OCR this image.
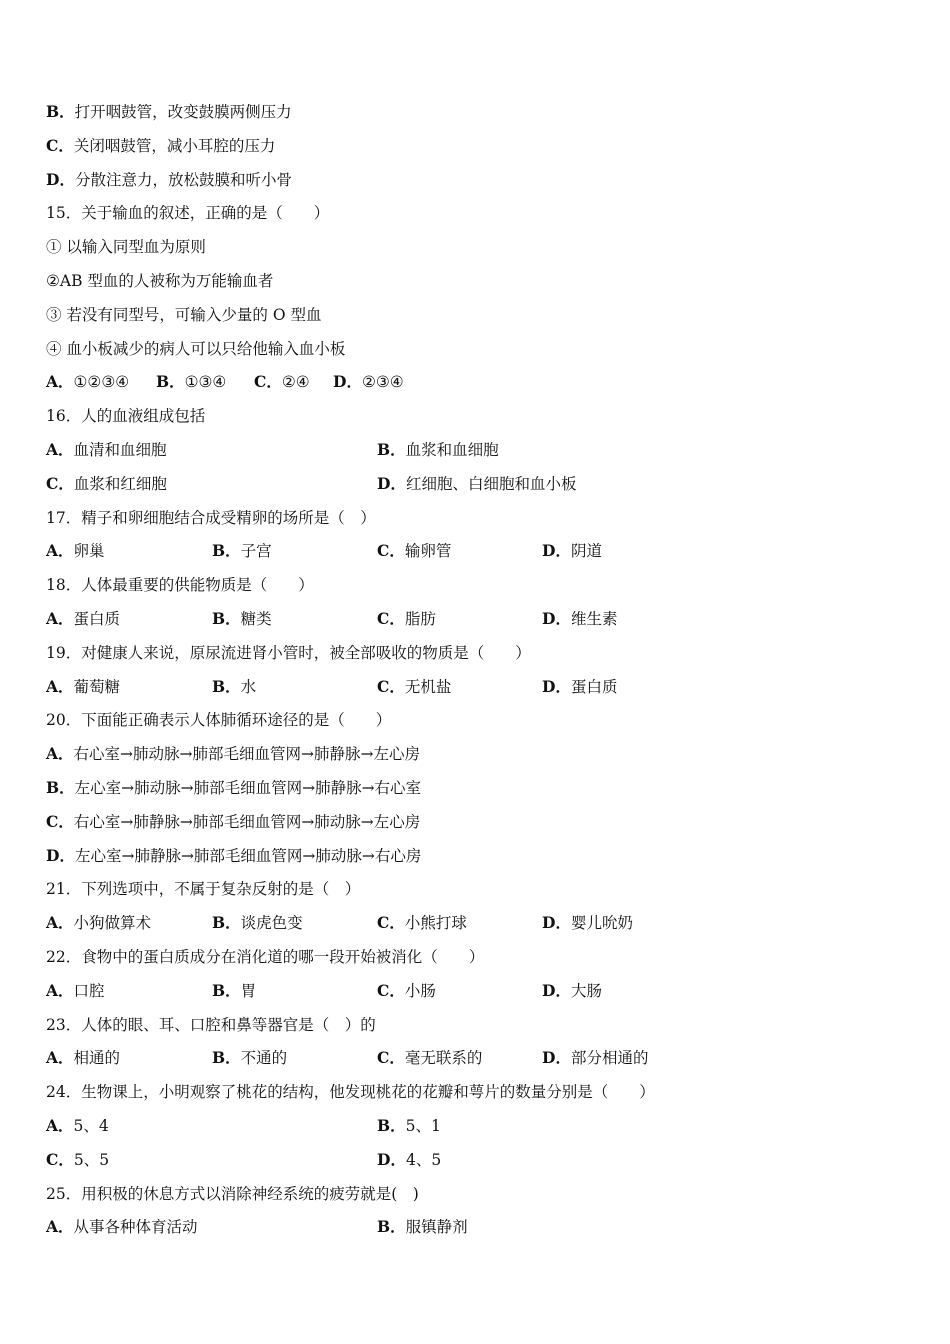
B．打开咽鼓管，改变鼓膜两侧压力
C．关闭咽鼓管，减小耳腔的压力
D．分散注意力，放松鼓膜和听小骨
15．关于输血的叙述，正确的是（　　）
① 以输入同型血为原则
②AB 型血的人被称为万能输血者
③ 若没有同型号，可输入少量的 O 型血
④ 血小板减少的病人可以只给他输入血小板
A．①②③④ B．①③④ C．②④ D．②③④
16．人的血液组成包括
A．血清和血细胞	B．血浆和血细胞
C．血浆和红细胞	D．红细胞、白细胞和血小板
17．精子和卵细胞结合成受精卵的场所是（　）
A．卵巢	B．子宫	C．输卵管	D．阴道
18．人体最重要的供能物质是（　　）
A．蛋白质	B．糖类	C．脂肪	D．维生素
19．对健康人来说，原尿流进肾小管时，被全部吸收的物质是（　　）
A．葡萄糖	B．水	C．无机盐	D．蛋白质
20．下面能正确表示人体肺循环途径的是（　　）
A．右心室→肺动脉→肺部毛细血管网→肺静脉→左心房
B．左心室→肺动脉→肺部毛细血管网→肺静脉→右心室
C．右心室→肺静脉→肺部毛细血管网→肺动脉→左心房
D．左心室→肺静脉→肺部毛细血管网→肺动脉→右心房
21．下列选项中，不属于复杂反射的是（　）
A．小狗做算术	B．谈虎色变	C．小熊打球	D．婴儿吮奶
22．食物中的蛋白质成分在消化道的哪一段开始被消化（　　）
A．口腔	B．胃	C．小肠	D．大肠
23．人体的眼、耳、口腔和鼻等器官是（　）的
A．相通的	B．不通的	C．毫无联系的	D．部分相通的
24．生物课上，小明观察了桃花的结构，他发现桃花的花瓣和萼片的数量分别是（　　）
A．5、4	B．5、1
C．5、5	D．4、5
25．用积极的休息方式以消除神经系统的疲劳就是(　)
A．从事各种体育活动	B．服镇静剂
